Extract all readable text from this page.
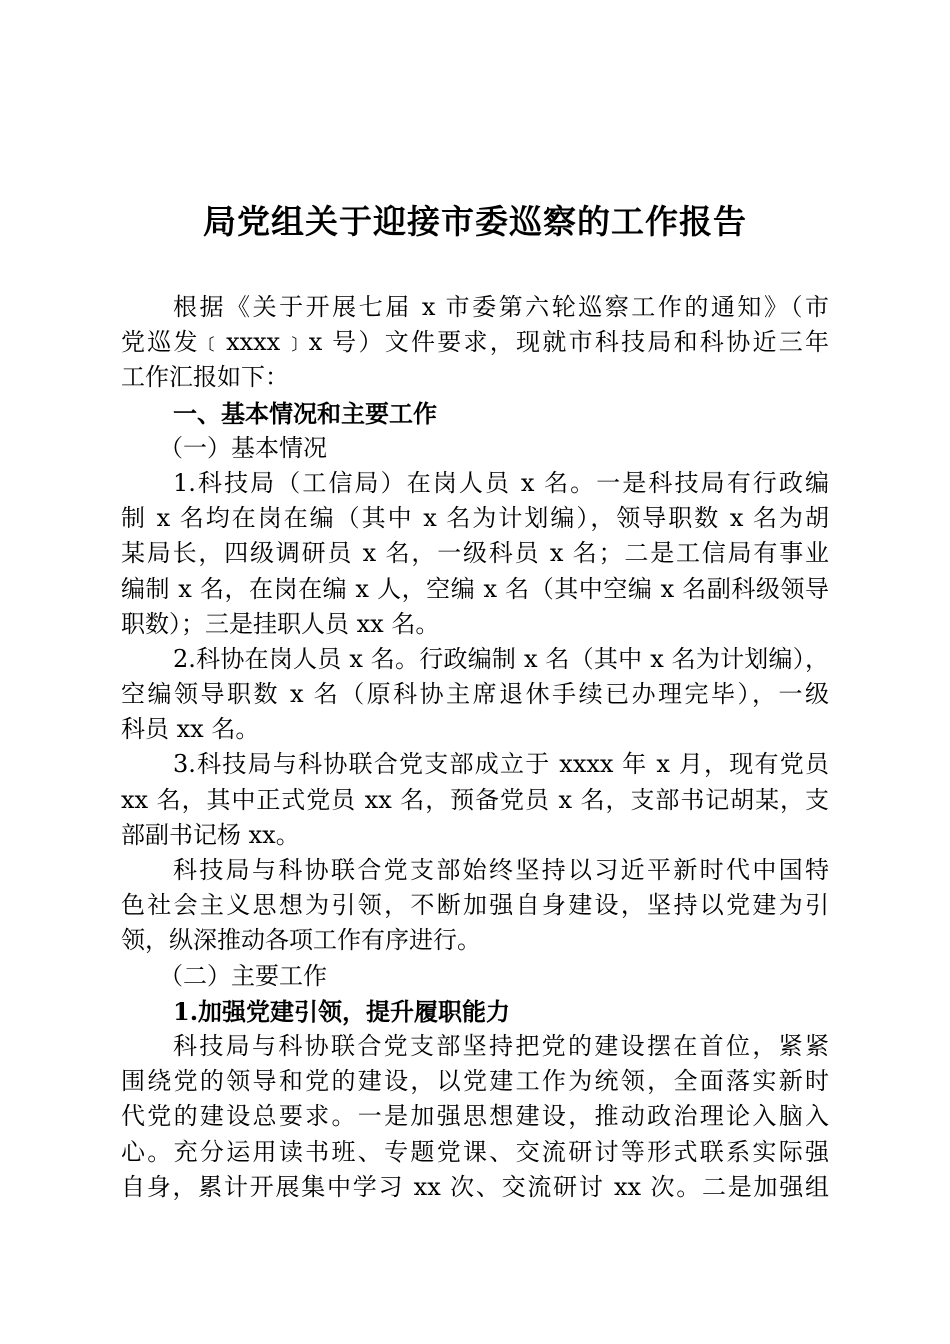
局党组关于迎接市委巡察的工作报告
根据《关于开展七届 x 市委第六轮巡察工作的通知》（市
党巡发﹝xxxx﹞x 号）文件要求，现就市科技局和科协近三年
工作汇报如下：
一、基本情况和主要工作
（一）基本情况
1.科技局（工信局）在岗人员 x 名。一是科技局有行政编
制 x 名均在岗在编（其中 x 名为计划编），领导职数 x 名为胡
某局长，四级调研员 x 名，一级科员 x 名；二是工信局有事业
编制 x 名，在岗在编 x 人，空编 x 名（其中空编 x 名副科级领导
职数）；三是挂职人员 xx 名。
2.科协在岗人员 x 名。行政编制 x 名（其中 x 名为计划编），
空编领导职数 x 名（原科协主席退休手续已办理完毕），一级
科员 xx 名。
3.科技局与科协联合党支部成立于 xxxx 年 x 月，现有党员
xx 名，其中正式党员 xx 名，预备党员 x 名，支部书记胡某，支
部副书记杨 xx。
科技局与科协联合党支部始终坚持以习近平新时代中国特
色社会主义思想为引领，不断加强自身建设，坚持以党建为引
领，纵深推动各项工作有序进行。
（二）主要工作
1.加强党建引领，提升履职能力
科技局与科协联合党支部坚持把党的建设摆在首位，紧紧
围绕党的领导和党的建设，以党建工作为统领，全面落实新时
代党的建设总要求。一是加强思想建设，推动政治理论入脑入
心。充分运用读书班、专题党课、交流研讨等形式联系实际强
自身，累计开展集中学习 xx 次、交流研讨 xx 次。二是加强组
